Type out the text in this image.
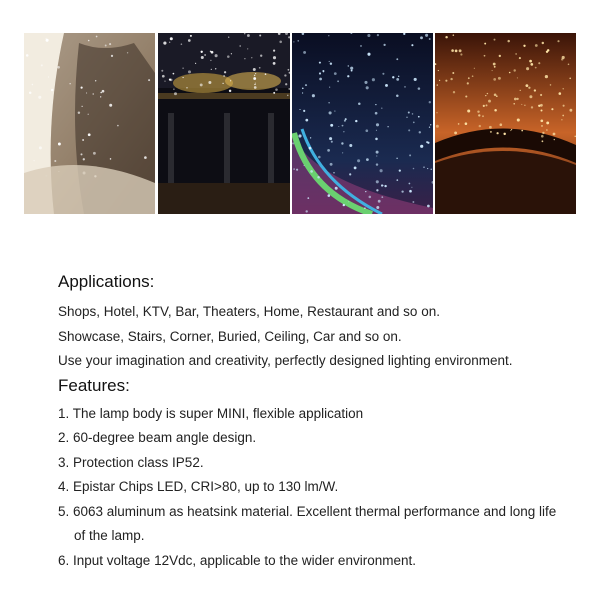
Applications:

Shops, Hotel, KTV, Bar, Theaters, Home, Restaurant and so on.

Showcase, Stairs, Corner, Buried, Ceiling, Car and so on.

Use your imagination and creativity, perfectly designed lighting environment.

Features:

1. The lamp body is super MINI, flexible application

2. 60-degree beam angle design.

3. Protection class IP52.

4. Epistar Chips LED, CRI>80, up to 130 lm/W.

5. 6063 aluminum as heatsink material. Excellent thermal performance and long life of the lamp.

6. Input voltage 12Vdc, applicable to the wider environment.
